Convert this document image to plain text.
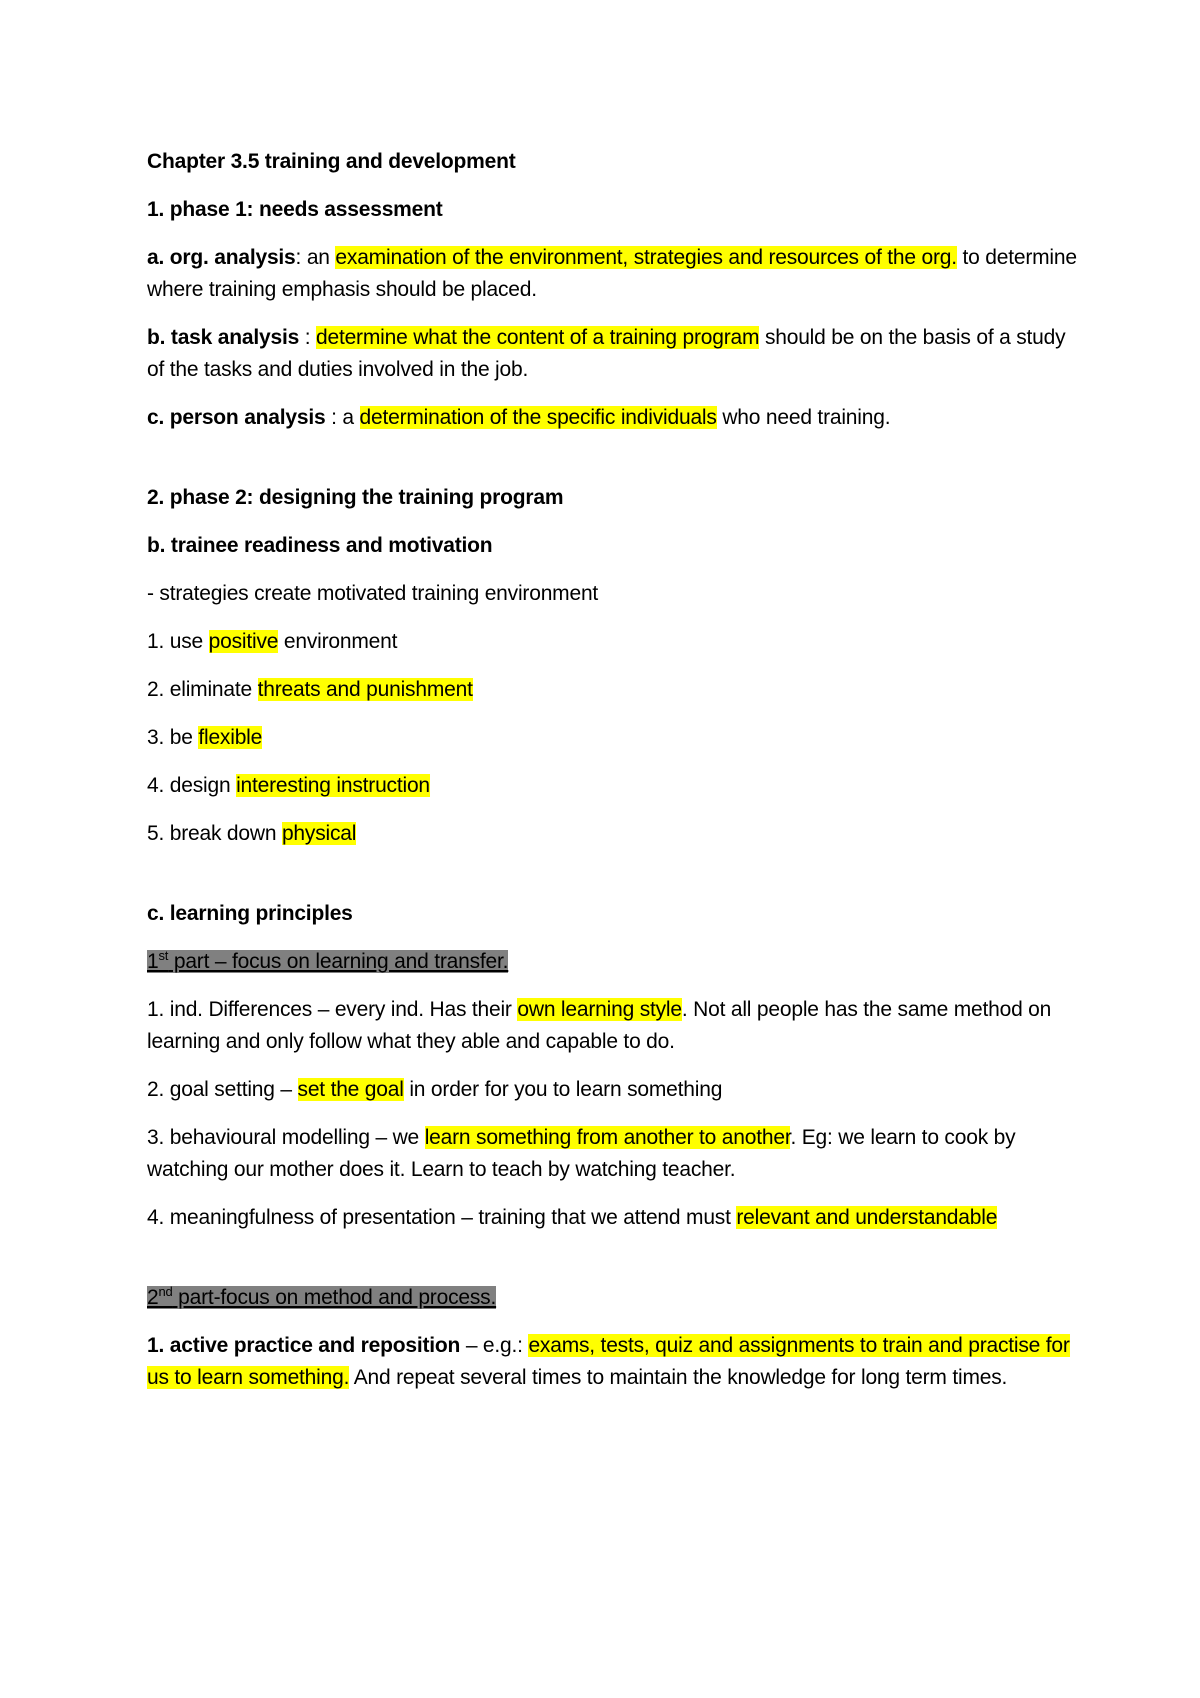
Chapter 3.5 training and development

1. phase 1: needs assessment

a. org. analysis: an examination of the environment, strategies and resources of the org. to determine where training emphasis should be placed.

b. task analysis : determine what the content of a training program should be on the basis of a study of the tasks and duties involved in the job.

c. person analysis : a determination of the specific individuals who need training.

2. phase 2: designing the training program

b. trainee readiness and motivation

- strategies create motivated training environment

1. use positive environment

2. eliminate threats and punishment

3. be flexible

4. design interesting instruction

5. break down physical

c. learning principles

1st part – focus on learning and transfer.

1. ind. Differences – every ind. Has their own learning style. Not all people has the same method on learning and only follow what they able and capable to do.

2. goal setting – set the goal in order for you to learn something

3. behavioural modelling – we learn something from another to another. Eg: we learn to cook by watching our mother does it. Learn to teach by watching teacher.

4. meaningfulness of presentation – training that we attend must relevant and understandable

2nd part-focus on method and process.

1. active practice and reposition – e.g.: exams, tests, quiz and assignments to train and practise for us to learn something. And repeat several times to maintain the knowledge for long term times.
